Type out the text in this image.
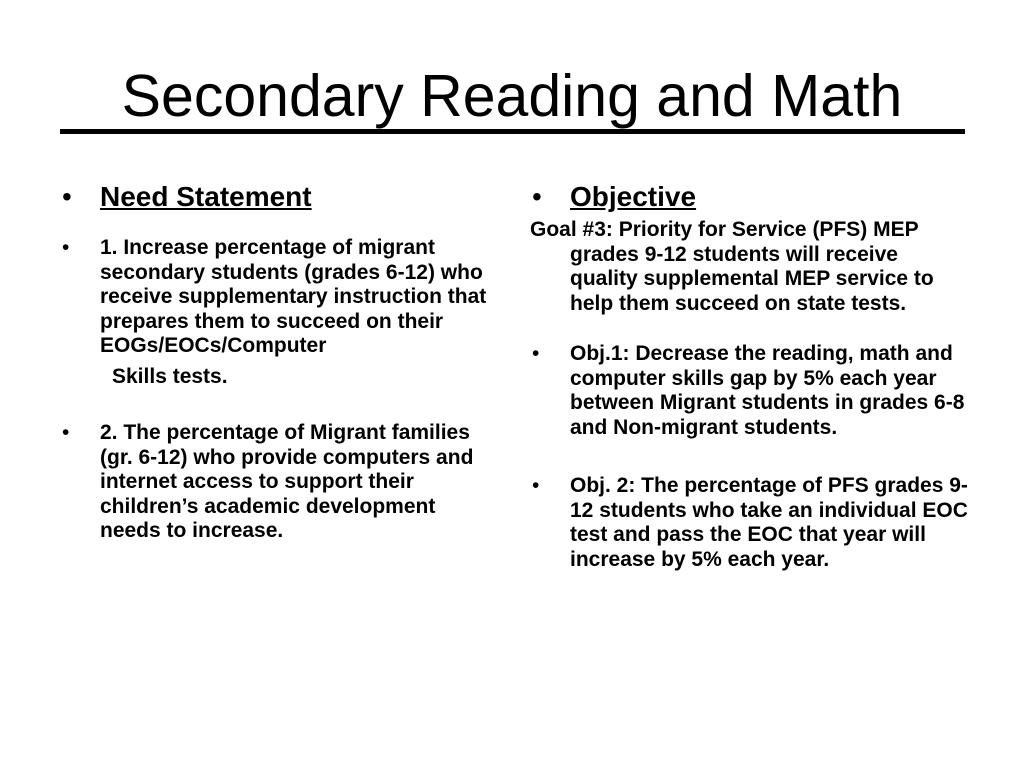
Secondary Reading and Math
•	Need Statement
•	1. Increase percentage of migrant secondary students (grades 6-12) who receive supplementary instruction that prepares them to succeed on their EOGs/EOCs/Computer
Skills tests.
•	2. The percentage of Migrant families (gr. 6-12) who provide computers and internet access to support their children’s academic development needs to increase.
•	Objective
Goal #3: Priority for Service (PFS) MEP grades 9-12 students will receive quality supplemental MEP service to help them succeed on state tests.
•	Obj.1: Decrease the reading, math and computer skills gap by 5% each year between Migrant students in grades 6-8 and Non-migrant students.
•	Obj. 2: The percentage of PFS grades 9-12 students who take an individual EOC test and pass the EOC that year will increase by 5% each year.
